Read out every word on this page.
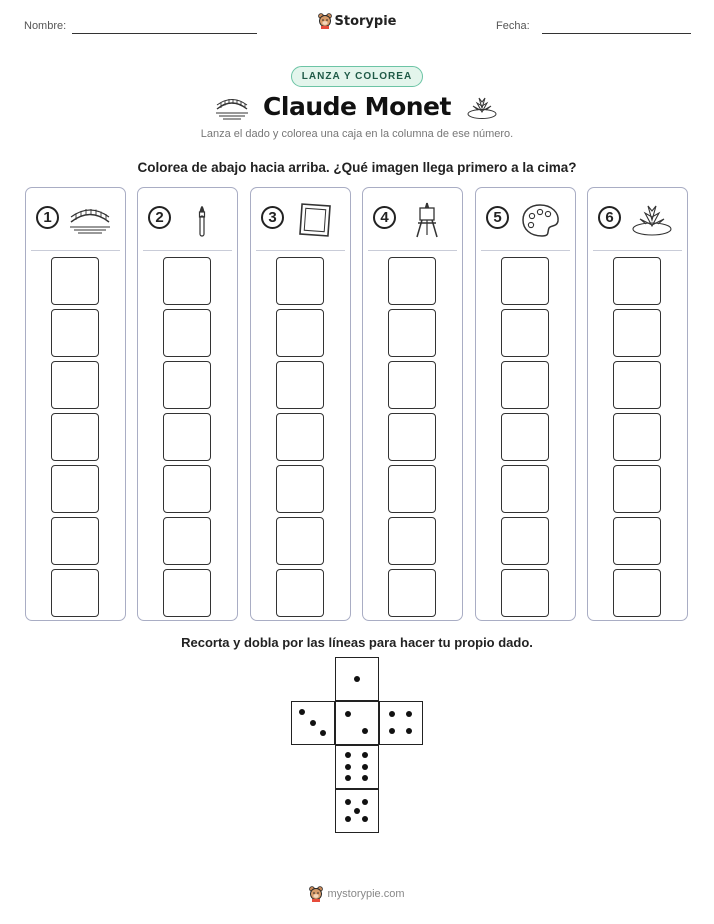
Nombre:	Storypie	Fecha:
LANZA Y COLOREA
Claude Monet
Lanza el dado y colorea una caja en la columna de ese número.
Colorea de abajo hacia arriba. ¿Qué imagen llega primero a la cima?
1	2	3	4	5	6
Recorta y dobla por las líneas para hacer tu propio dado.
mystorypie.com
